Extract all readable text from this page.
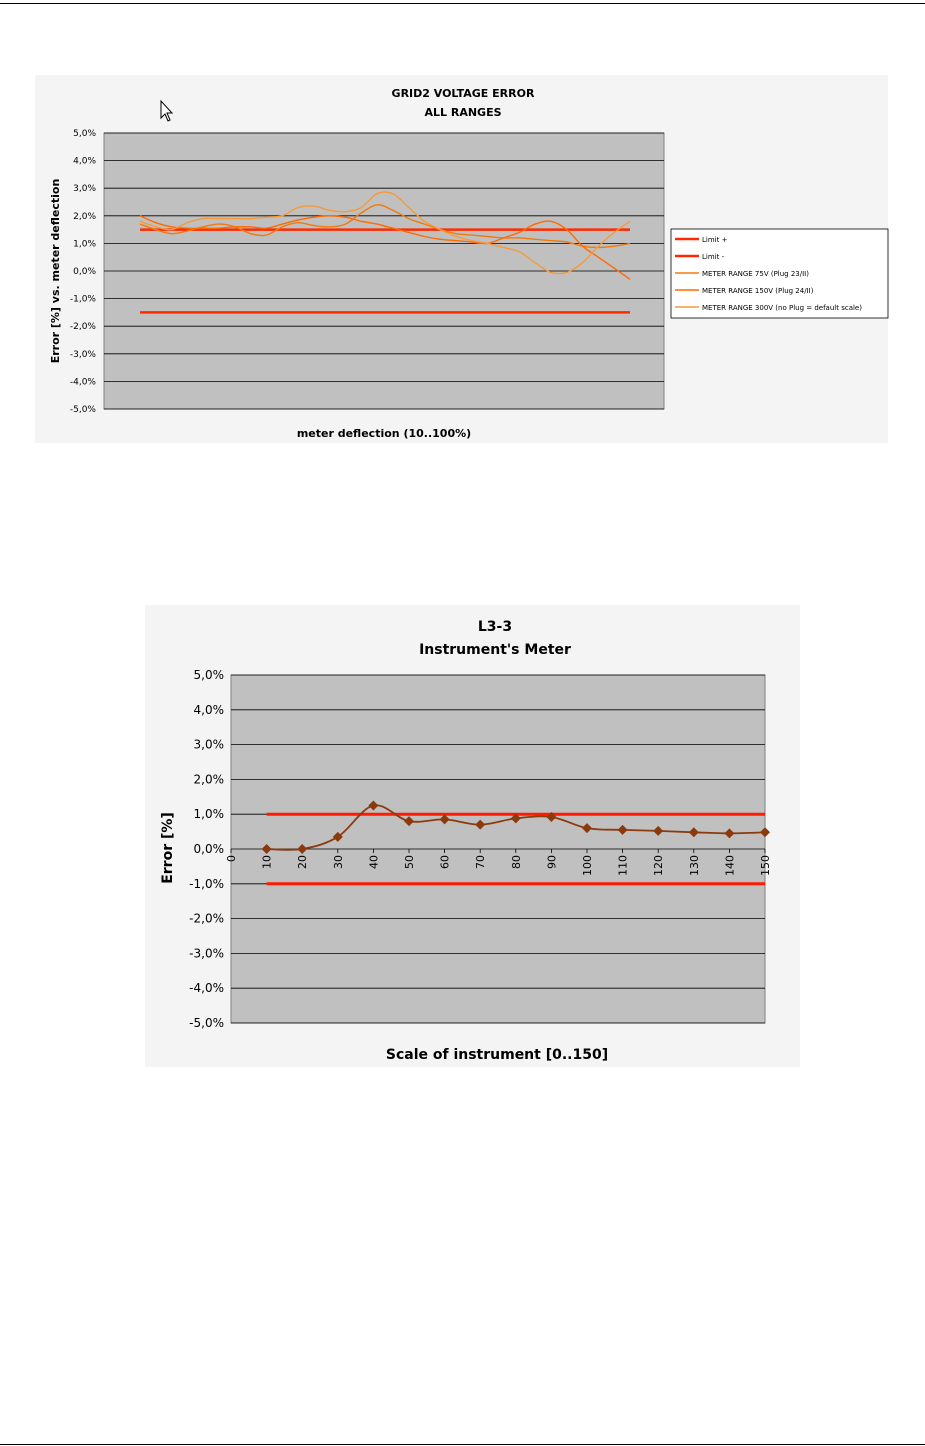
GRID2 VOLTAGE ERROR
ALL RANGES
5,0%
4,0%
3,0%
2,0%
1,0%
0,0%
-1,0%
-2,0%
-3,0%
-4,0%
-5,0%
Limit +
Limit -
METER RANGE 75V (Plug 23/II)
METER RANGE 150V (Plug 24/II)
METER RANGE 300V (no Plug = default scale)
Error [%] vs. meter deflection
meter deflection (10..100%)
L3-3
Instrument's Meter
5,0%
4,0%
3,0%
2,0%
1,0%
0,0%
-1,0%
-2,0%
-3,0%
-4,0%
-5,0%
0 10 20 30 40 50 60 70 80 90 100 110 120 130 140 150
Error [%]
Scale of instrument [0..150]
